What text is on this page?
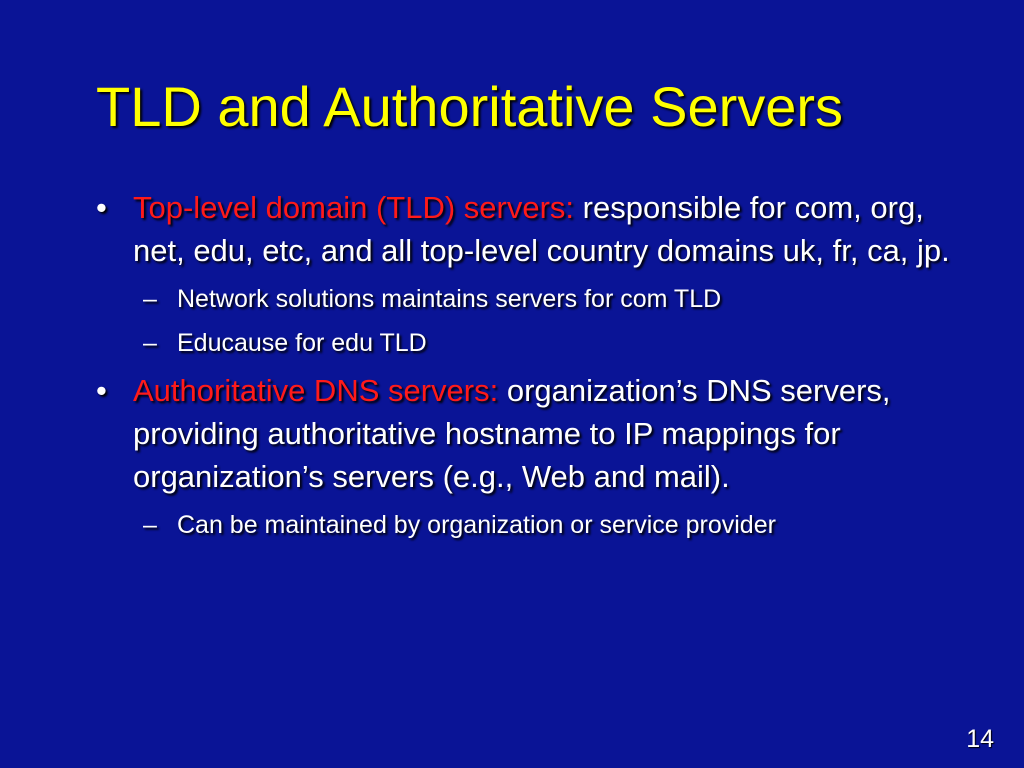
TLD and Authoritative Servers
• Top-level domain (TLD) servers: responsible for com, org, net, edu, etc, and all top-level country domains uk, fr, ca, jp.
– Network solutions maintains servers for com TLD
– Educause for edu TLD
• Authoritative DNS servers: organization’s DNS servers, providing authoritative hostname to IP mappings for organization’s servers (e.g., Web and mail).
– Can be maintained by organization or service provider
14
